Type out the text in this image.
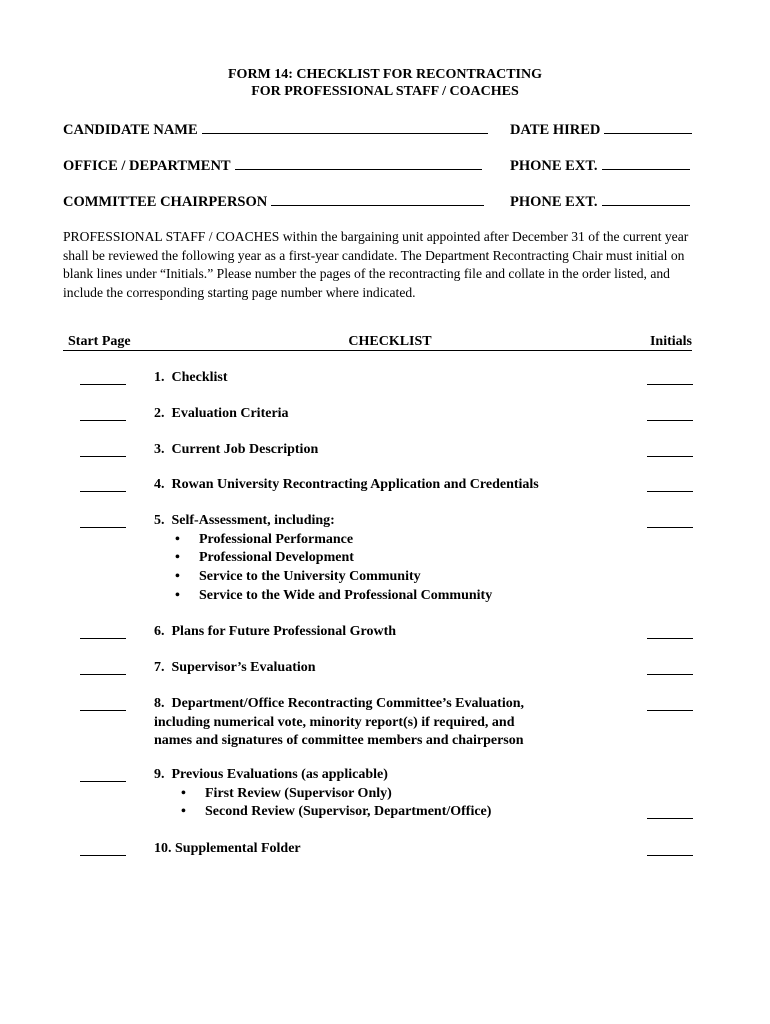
FORM 14: CHECKLIST FOR RECONTRACTING
FOR PROFESSIONAL STAFF / COACHES
CANDIDATE NAME	DATE HIRED
OFFICE / DEPARTMENT	PHONE EXT.
COMMITTEE CHAIRPERSON	PHONE EXT.
PROFESSIONAL STAFF / COACHES within the bargaining unit appointed after December 31 of the current year shall be reviewed the following year as a first-year candidate. The Department Recontracting Chair must initial on blank lines under “Initials.” Please number the pages of the recontracting file and collate in the order listed, and include the corresponding starting page number where indicated.
Start Page	CHECKLIST	Initials
1. Checklist
2. Evaluation Criteria
3. Current Job Description
4. Rowan University Recontracting Application and Credentials
5. Self-Assessment, including:
• Professional Performance
• Professional Development
• Service to the University Community
• Service to the Wide and Professional Community
6. Plans for Future Professional Growth
7. Supervisor’s Evaluation
8. Department/Office Recontracting Committee’s Evaluation,
including numerical vote, minority report(s) if required, and
names and signatures of committee members and chairperson
9. Previous Evaluations (as applicable)
• First Review (Supervisor Only)
• Second Review (Supervisor, Department/Office)
10. Supplemental Folder
